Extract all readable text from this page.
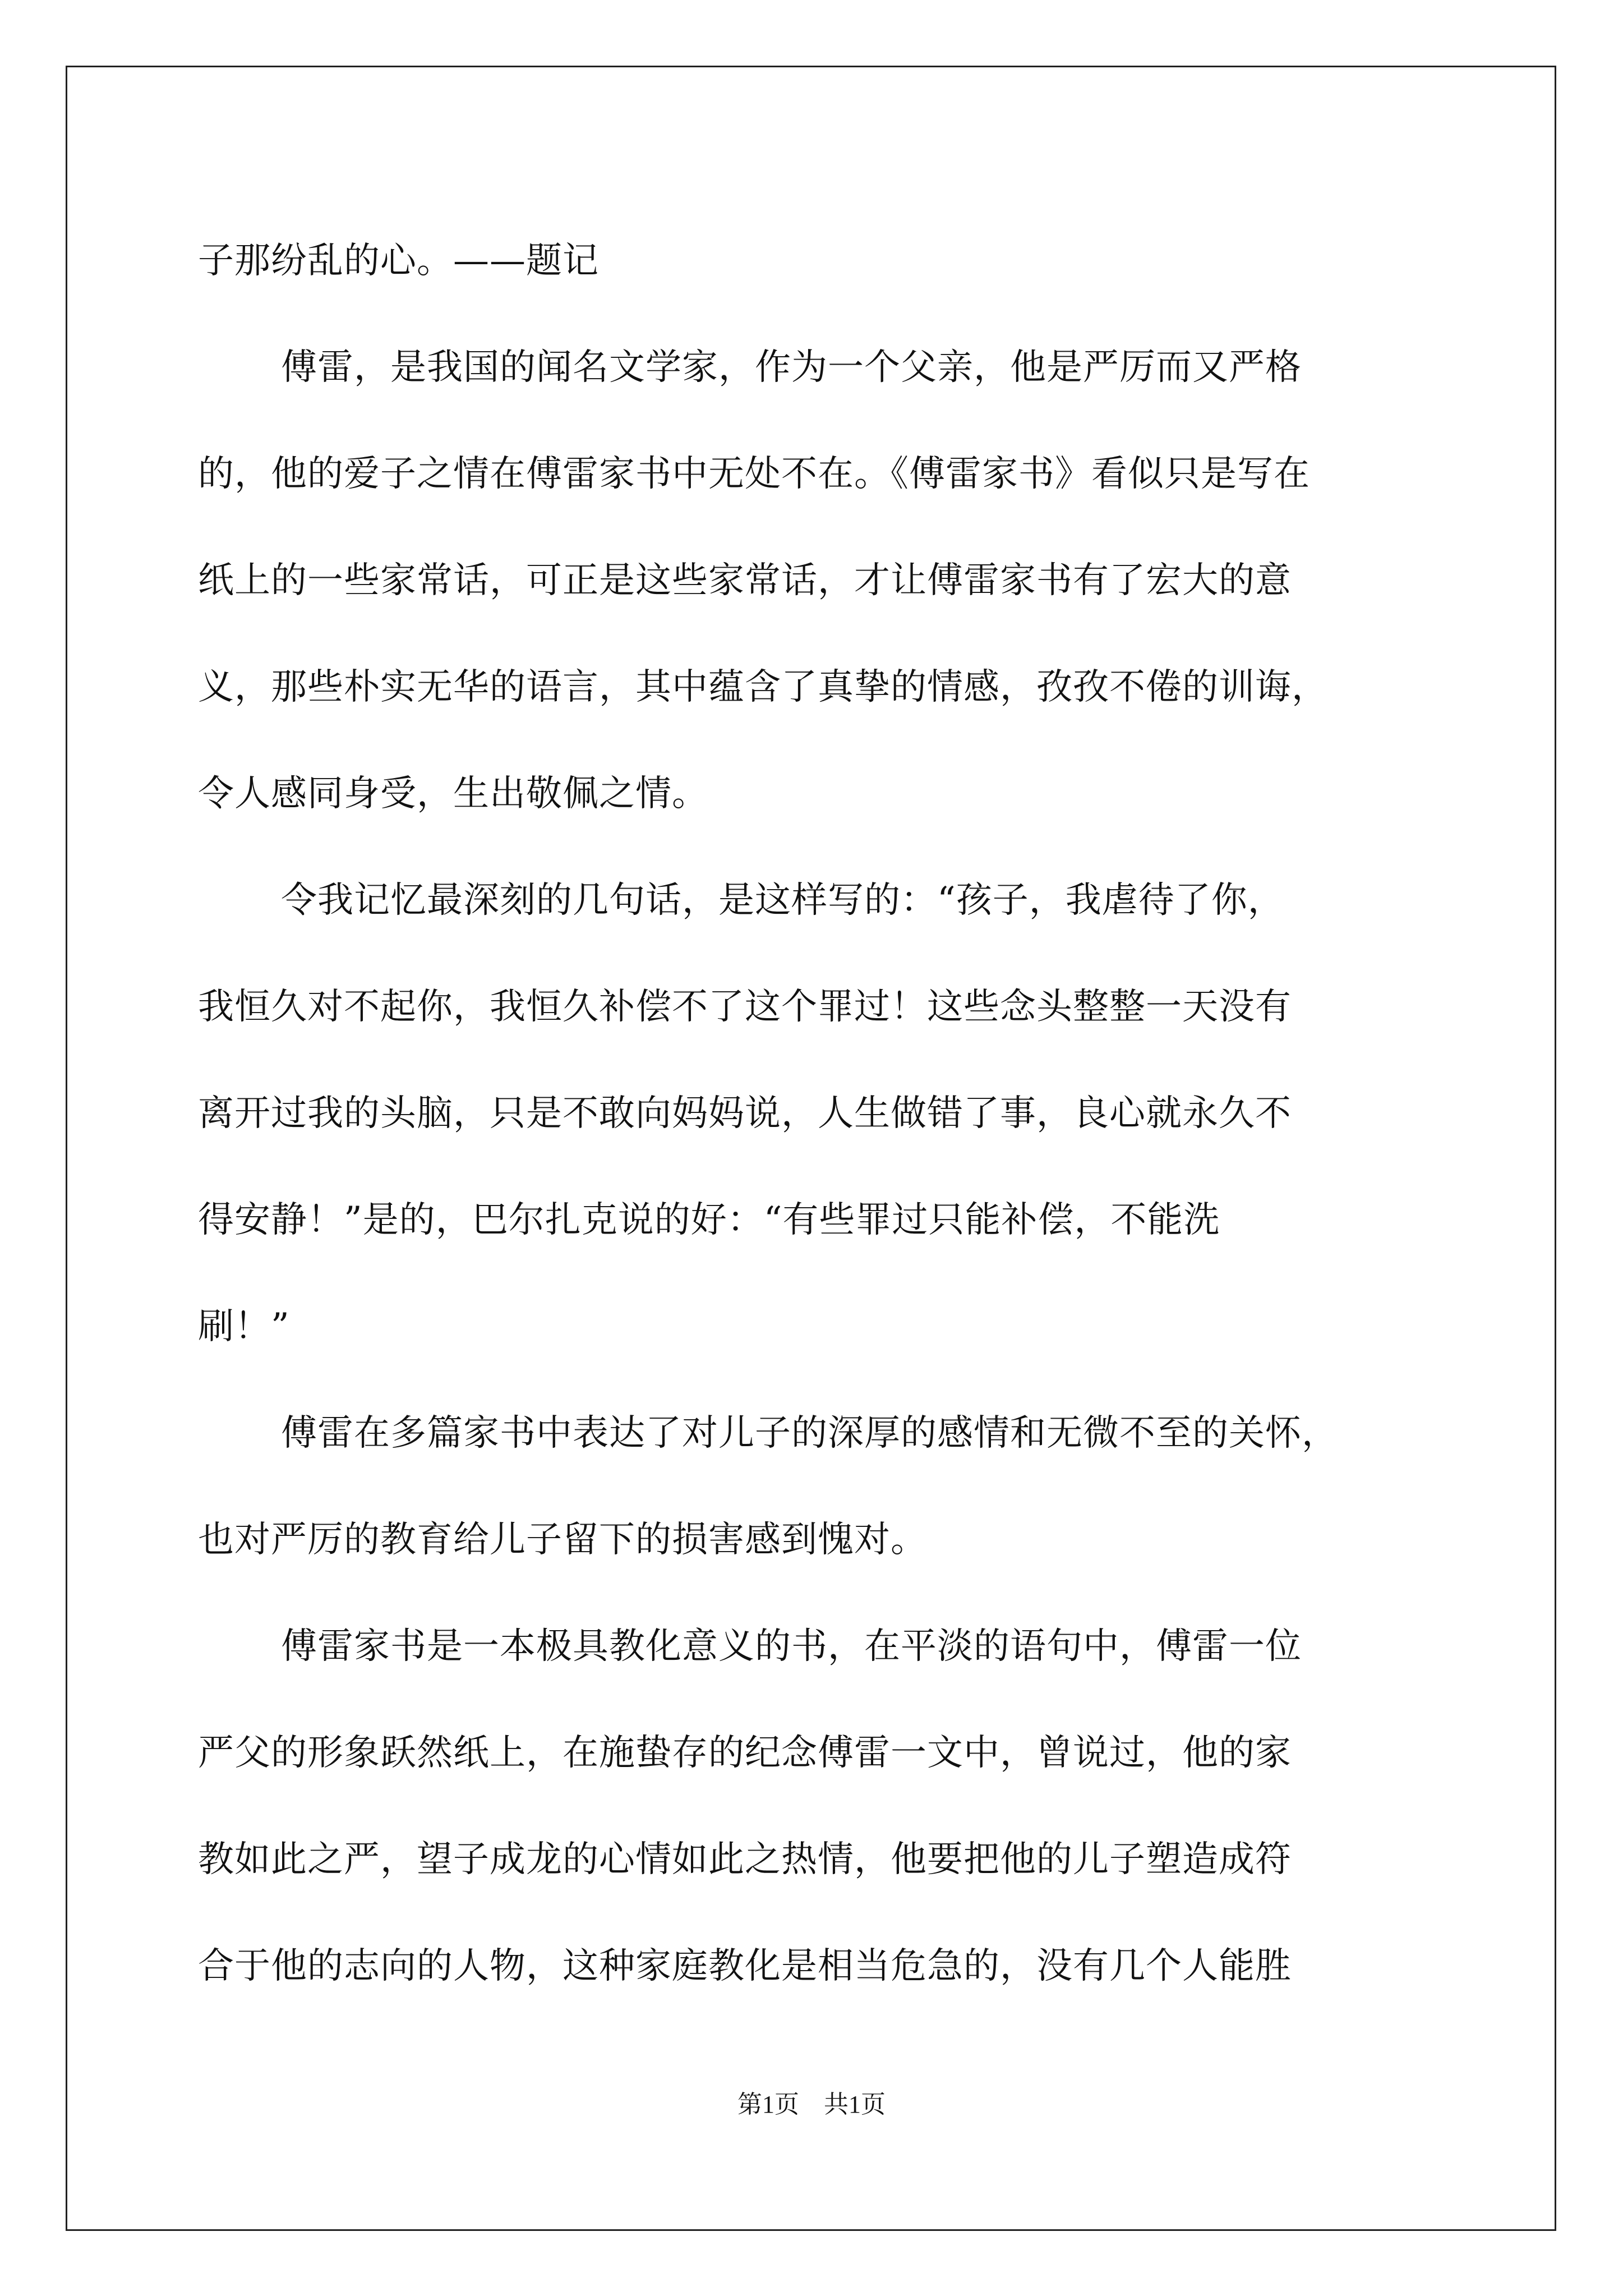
子那纷乱的心。——题记
傅雷，是我国的闻名文学家，作为一个父亲，他是严厉而又严格
的，他的爱子之情在傅雷家书中无处不在。《傅雷家书》看似只是写在
纸上的一些家常话，可正是这些家常话，才让傅雷家书有了宏大的意
义，那些朴实无华的语言，其中蕴含了真挚的情感，孜孜不倦的训诲，
令人感同身受，生出敬佩之情。
令我记忆最深刻的几句话，是这样写的：“孩子，我虐待了你，
我恒久对不起你，我恒久补偿不了这个罪过！这些念头整整一天没有
离开过我的头脑，只是不敢向妈妈说，人生做错了事，良心就永久不
得安静！”是的，巴尔扎克说的好：“有些罪过只能补偿，不能洗
刷！”
傅雷在多篇家书中表达了对儿子的深厚的感情和无微不至的关怀，
也对严厉的教育给儿子留下的损害感到愧对。
傅雷家书是一本极具教化意义的书，在平淡的语句中，傅雷一位
严父的形象跃然纸上，在施蛰存的纪念傅雷一文中，曾说过，他的家
教如此之严，望子成龙的心情如此之热情，他要把他的儿子塑造成符
合于他的志向的人物，这种家庭教化是相当危急的，没有几个人能胜
第1页　共1页
